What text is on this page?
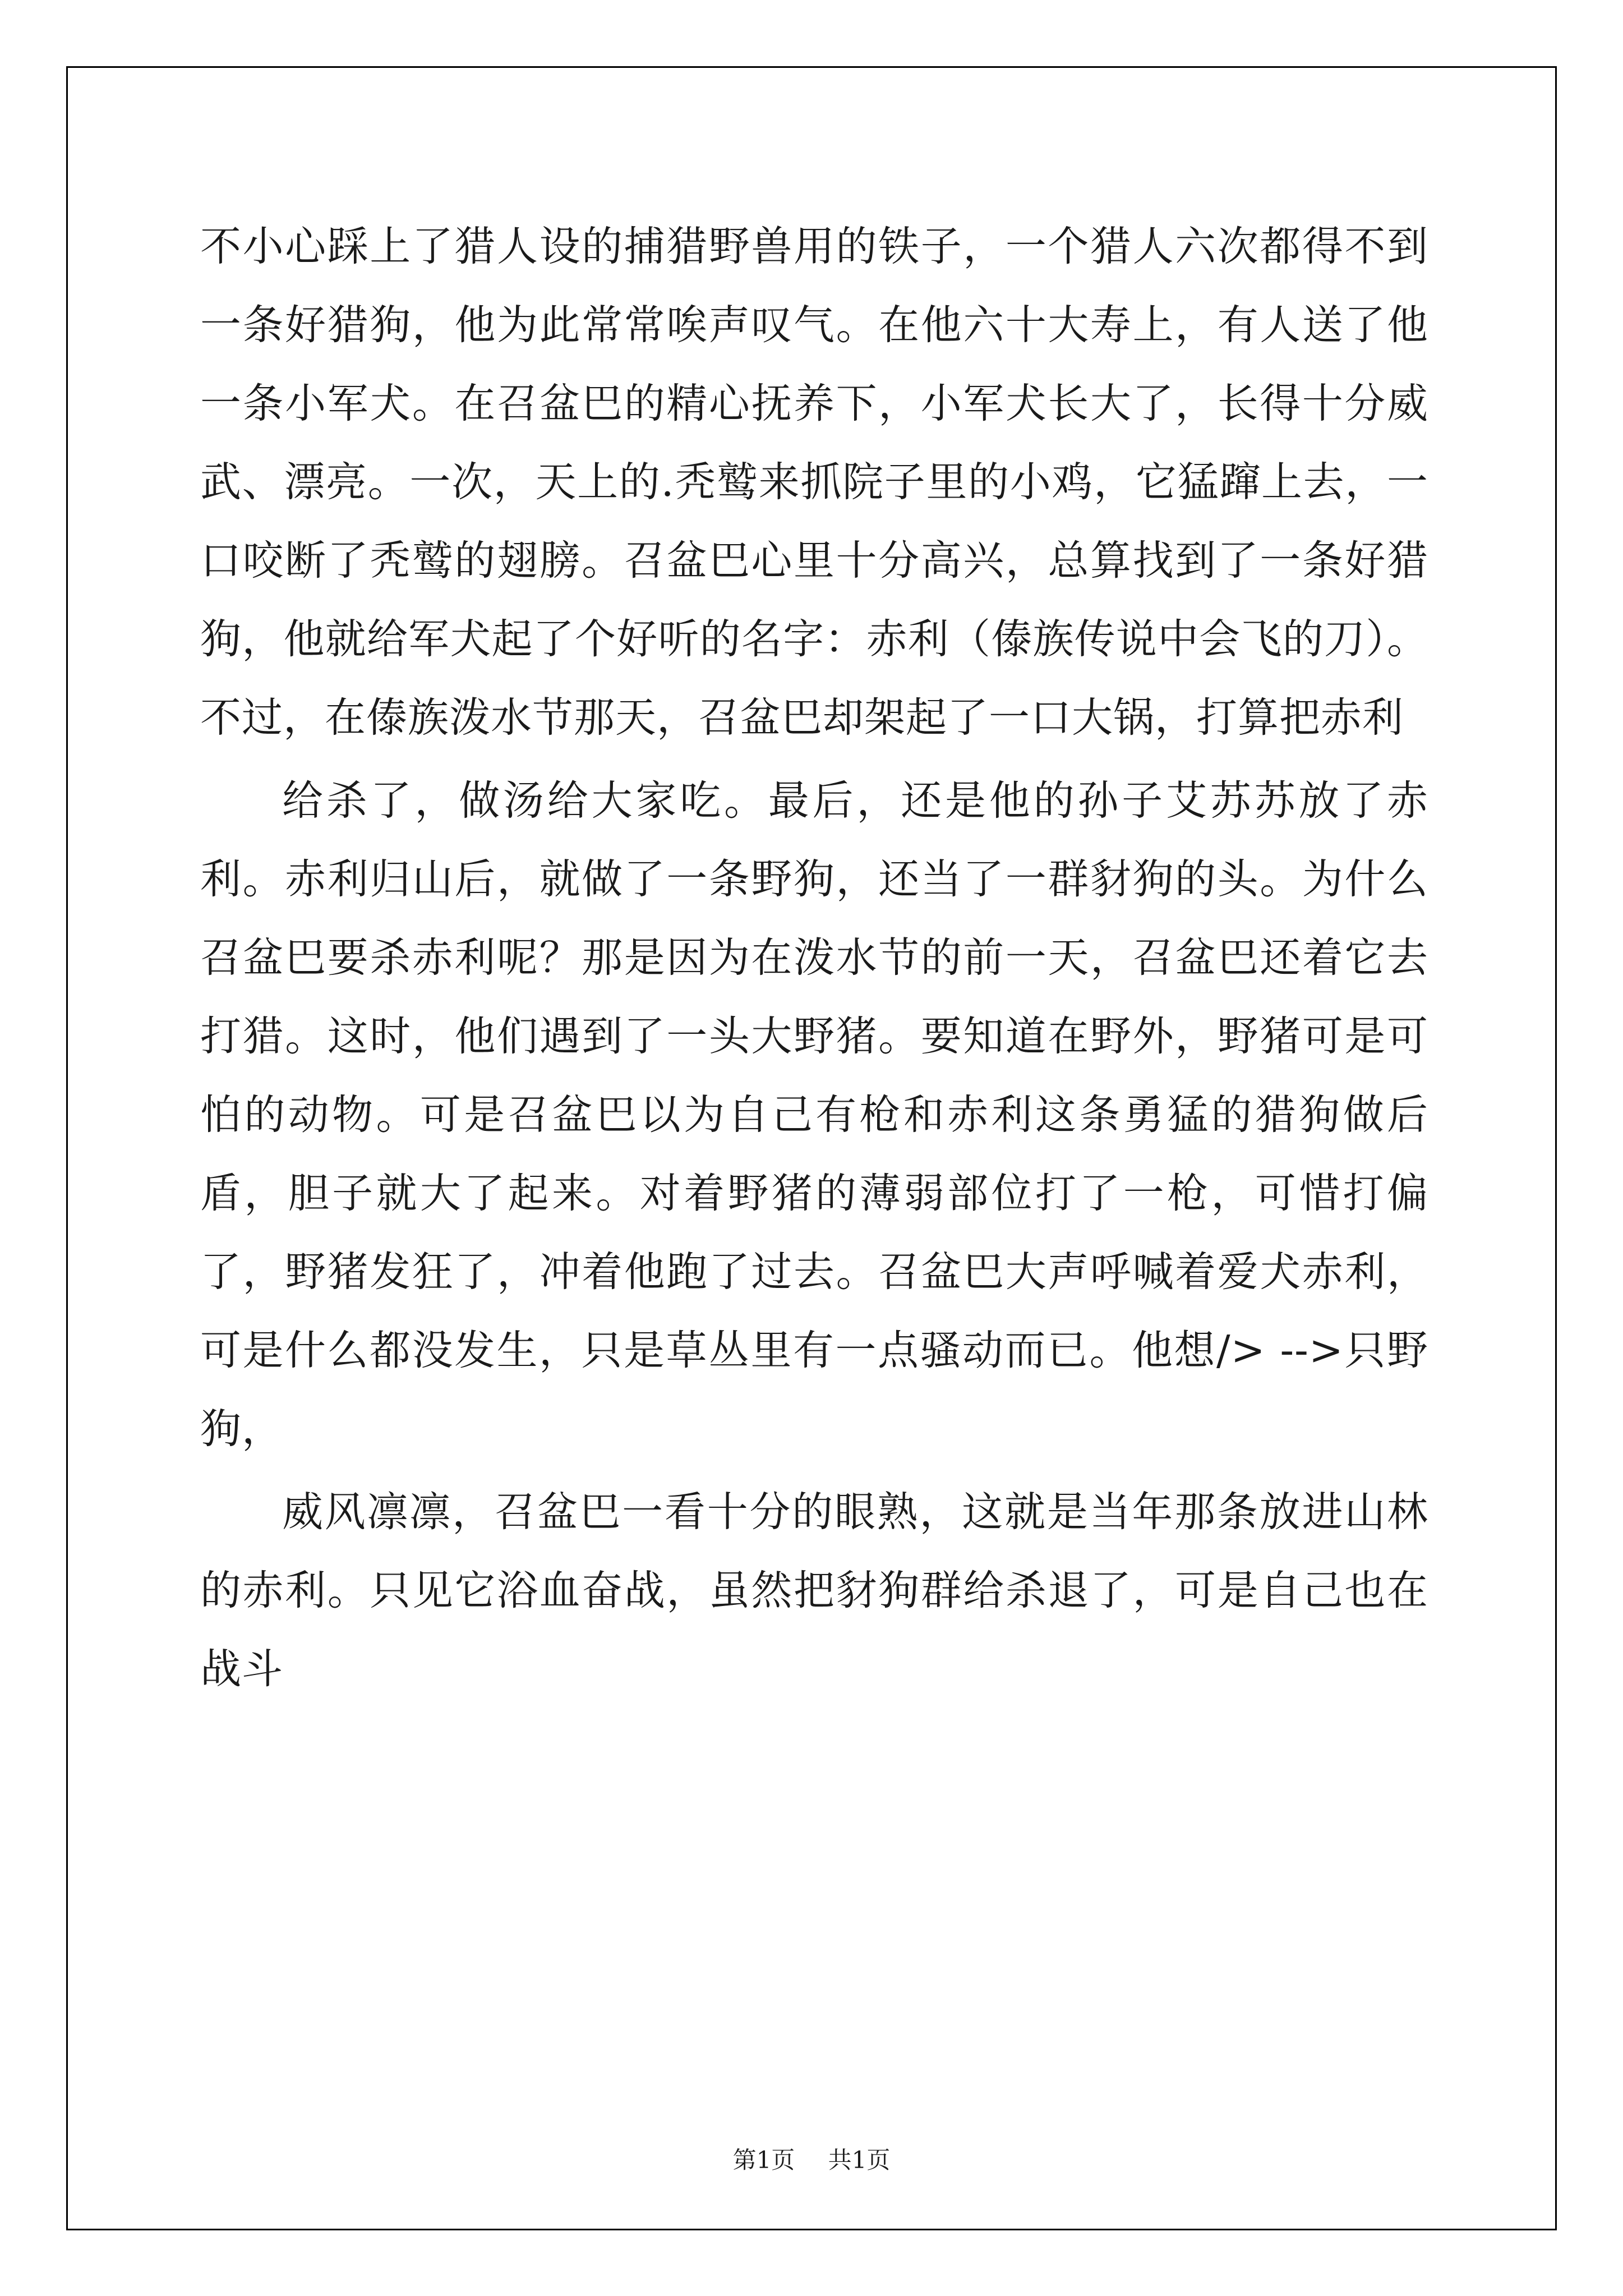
不小心踩上了猎人设的捕猎野兽用的铁子，一个猎人六次都得不到一条好猎狗，他为此常常唉声叹气。在他六十大寿上，有人送了他一条小军犬。在召盆巴的精心抚养下，小军犬长大了，长得十分威武、漂亮。一次，天上的.秃鹫来抓院子里的小鸡，它猛蹿上去，一口咬断了秃鹫的翅膀。召盆巴心里十分高兴，总算找到了一条好猎狗，他就给军犬起了个好听的名字：赤利（傣族传说中会飞的刀）。不过，在傣族泼水节那天，召盆巴却架起了一口大锅，打算把赤利

给杀了，做汤给大家吃。最后，还是他的孙子艾苏苏放了赤利。赤利归山后，就做了一条野狗，还当了一群豺狗的头。为什么召盆巴要杀赤利呢？那是因为在泼水节的前一天，召盆巴还着它去打猎。这时，他们遇到了一头大野猪。要知道在野外，野猪可是可怕的动物。可是召盆巴以为自己有枪和赤利这条勇猛的猎狗做后盾，胆子就大了起来。对着野猪的薄弱部位打了一枪，可惜打偏了，野猪发狂了，冲着他跑了过去。召盆巴大声呼喊着爱犬赤利，可是什么都没发生，只是草丛里有一点骚动而已。他想/> -->只野狗，

威风凛凛，召盆巴一看十分的眼熟，这就是当年那条放进山林的赤利。只见它浴血奋战，虽然把豺狗群给杀退了，可是自己也在战斗

第1页 共1页
